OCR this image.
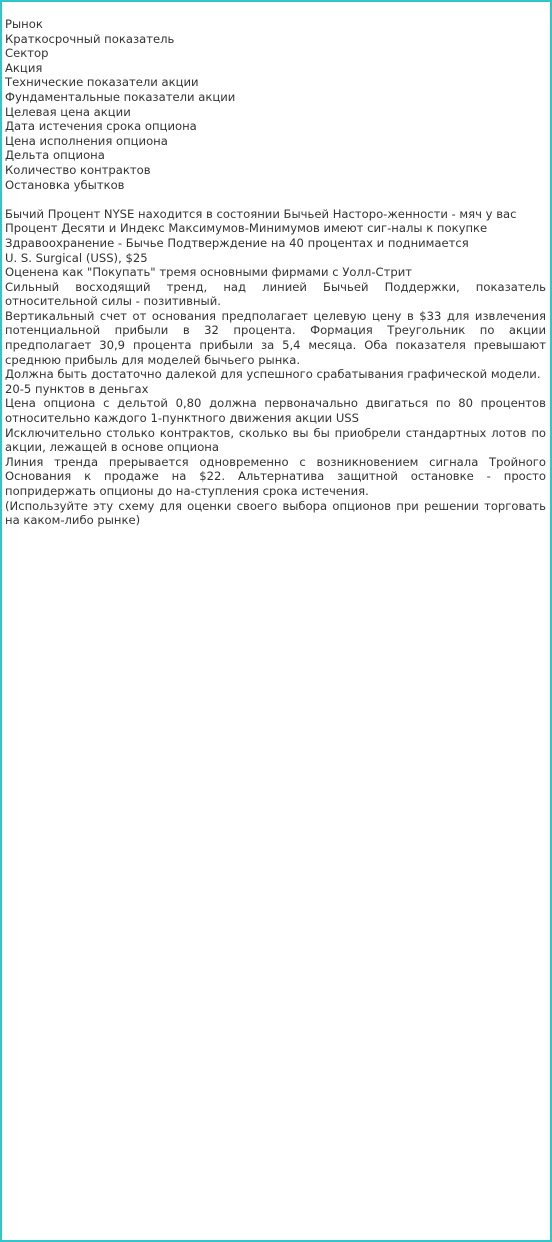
Рынок
Краткосрочный показатель
Сектор
Акция
Технические показатели акции
Фундаментальные показатели акции
Целевая цена акции
Дата истечения срока опциона
Цена исполнения опциона
Дельта опциона
Количество контрактов
Остановка убытков

Бычий Процент NYSE находится в состоянии Бычьей Насторо-женности - мяч у вас

Процент Десяти и Индекс Максимумов-Минимумов имеют сиг-налы к покупке

Здравоохранение - Бычье Подтверждение на 40 процентах и поднимается

U. S. Surgical (USS), $25

Оценена как "Покупать" тремя основными фирмами с Уолл-Стрит

Сильный восходящий тренд, над линией Бычьей Поддержки, показатель относительной силы - позитивный.

Вертикальный счет от основания предполагает целевую цену в $33 для извлечения потенциальной прибыли в 32 процента. Формация Треугольник по акции предполагает 30,9 процента прибыли за 5,4 месяца. Оба показателя превышают среднюю прибыль для моделей бычьего рынка.

Должна быть достаточно далекой для успешного срабатывания графической модели.

20-5 пунктов в деньгах

Цена опциона с дельтой 0,80 должна первоначально двигаться по 80 процентов относительно каждого 1-пунктного движения акции USS

Исключительно столько контрактов, сколько вы бы приобрели стандартных лотов по акции, лежащей в основе опциона

Линия тренда прерывается одновременно с возникновением сигнала Тройного Основания к продаже на $22. Альтернатива защитной остановке - просто попридержать опционы до на-ступления срока истечения.

(Используйте эту схему для оценки своего выбора опционов при решении торговать на каком-либо рынке)
